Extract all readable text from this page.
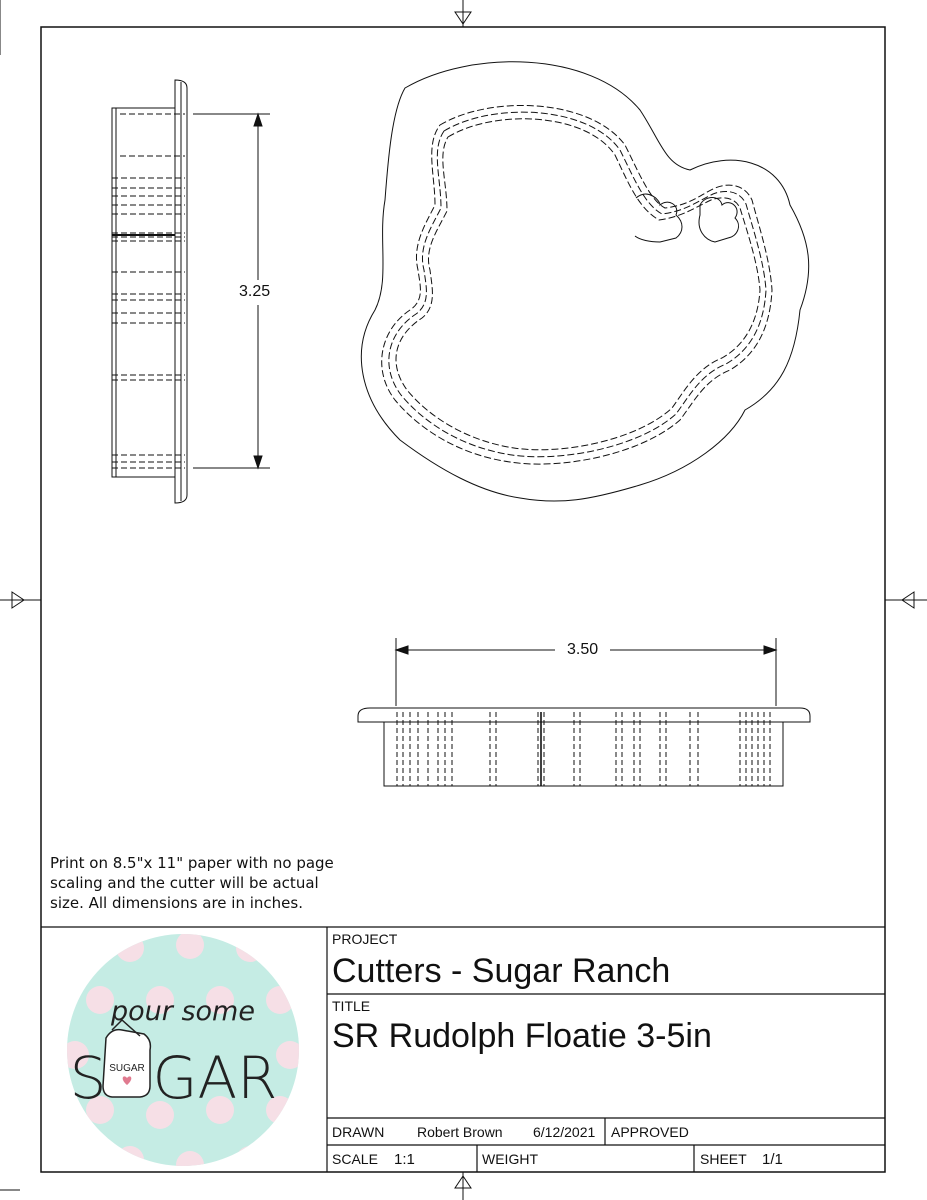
SUGAR
pour some
S GAR
3.25
3.50
Print on 8.5"x 11" paper with no page scaling and the cutter will be actual size. All dimensions are in inches.
PROJECT
Cutters - Sugar Ranch
TITLE
SR Rudolph Floatie 3-5in
DRAWN Robert Brown 6/12/2021 APPROVED
SCALE 1:1	WEIGHT	SHEET 1/1
